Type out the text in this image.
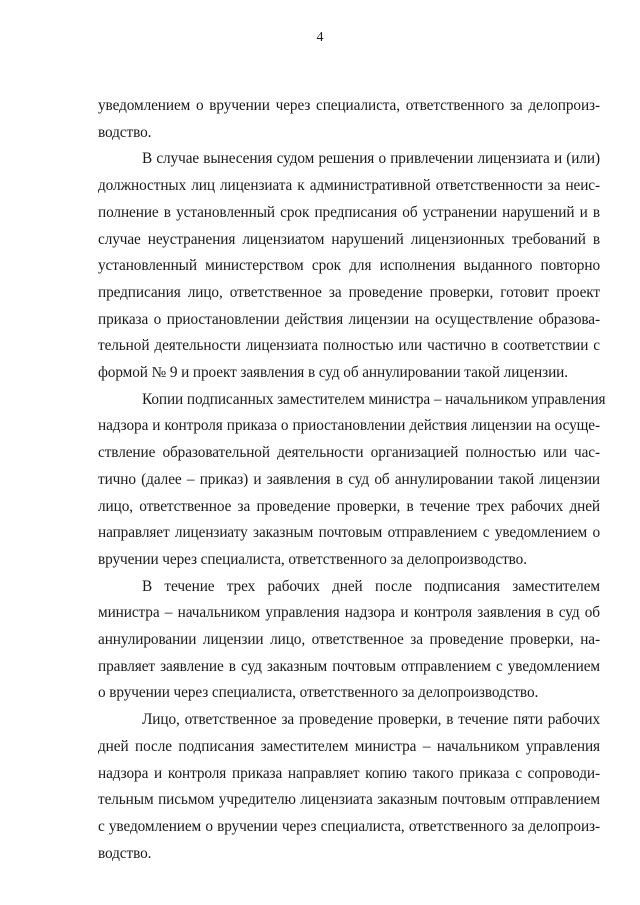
4
уведомлением о вручении через специалиста, ответственного за делопроиз-
водство.
В случае вынесения судом решения о привлечении лицензиата и (или)
должностных лиц лицензиата к административной ответственности за неис-
полнение в установленный срок предписания об устранении нарушений и в
случае неустранения лицензиатом нарушений лицензионных требований в
установленный министерством срок для исполнения выданного повторно
предписания лицо, ответственное за проведение проверки, готовит проект
приказа о приостановлении действия лицензии на осуществление образова-
тельной деятельности лицензиата полностью или частично в соответствии с
формой № 9 и проект заявления в суд об аннулировании такой лицензии.
Копии подписанных заместителем министра – начальником управления
надзора и контроля приказа о приостановлении действия лицензии на осуще-
ствление образовательной деятельности организацией полностью или час-
тично (далее – приказ) и заявления в суд об аннулировании такой лицензии
лицо, ответственное за проведение проверки, в течение трех рабочих дней
направляет лицензиату заказным почтовым отправлением с уведомлением о
вручении через специалиста, ответственного за делопроизводство.
В течение трех рабочих дней после подписания заместителем
министра – начальником управления надзора и контроля заявления в суд об
аннулировании лицензии лицо, ответственное за проведение проверки, на-
правляет заявление в суд заказным почтовым отправлением с уведомлением
о вручении через специалиста, ответственного за делопроизводство.
Лицо, ответственное за проведение проверки, в течение пяти рабочих
дней после подписания заместителем министра – начальником управления
надзора и контроля приказа направляет копию такого приказа с сопроводи-
тельным письмом учредителю лицензиата заказным почтовым отправлением
с уведомлением о вручении через специалиста, ответственного за делопроиз-
водство.
